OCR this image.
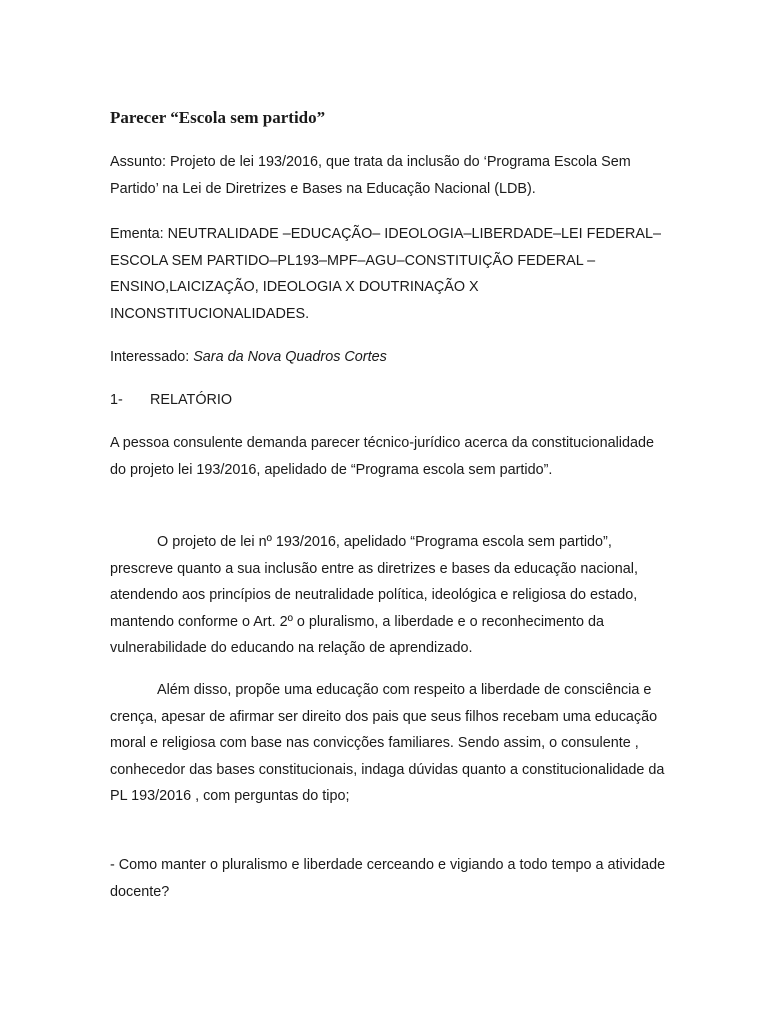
Parecer “Escola sem partido”

Assunto: Projeto de lei 193/2016, que trata da inclusão do ‘Programa Escola Sem Partido’ na Lei de Diretrizes e Bases na Educação Nacional (LDB).

Ementa: NEUTRALIDADE –EDUCAÇÃO– IDEOLOGIA–LIBERDADE–LEI FEDERAL–ESCOLA SEM PARTIDO–PL193–MPF–AGU–CONSTITUIÇÃO FEDERAL –ENSINO,LAICIZAÇÃO, IDEOLOGIA X DOUTRINAÇÃO X INCONSTITUCIONALIDADES.

Interessado: Sara da Nova Quadros Cortes

1- RELATÓRIO

A pessoa consulente demanda parecer técnico-jurídico acerca da constitucionalidade do projeto lei 193/2016, apelidado de “Programa escola sem partido”.

O projeto de lei nº 193/2016, apelidado “Programa escola sem partido”, prescreve quanto a sua inclusão entre as diretrizes e bases da educação nacional, atendendo aos princípios de neutralidade política, ideológica e religiosa do estado, mantendo conforme o Art. 2º o pluralismo, a liberdade e o reconhecimento da vulnerabilidade do educando na relação de aprendizado.

Além disso, propõe uma educação com respeito a liberdade de consciência e crença, apesar de afirmar ser direito dos pais que seus filhos recebam uma educação moral e religiosa com base nas convicções familiares. Sendo assim, o consulente , conhecedor das bases constitucionais, indaga dúvidas quanto a constitucionalidade da PL 193/2016 , com perguntas do tipo;

- Como manter o pluralismo e liberdade cerceando e vigiando a todo tempo a atividade docente?
